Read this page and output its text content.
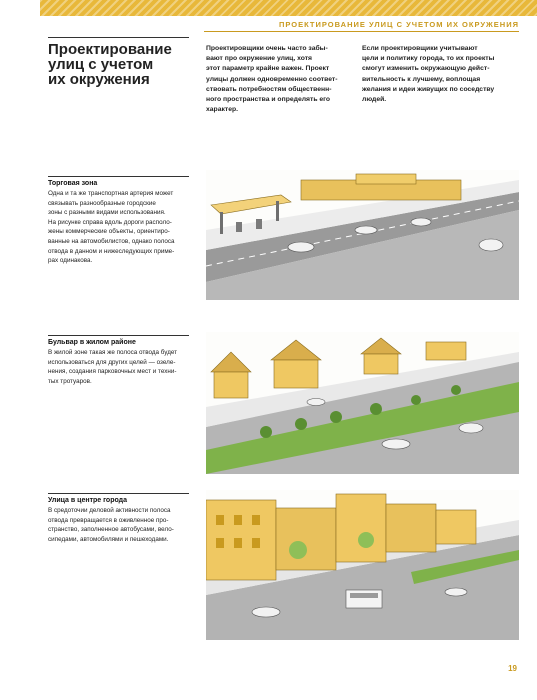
ПРОЕКТИРОВАНИЕ УЛИЦ С УЧЕТОМ ИХ ОКРУЖЕНИЯ
Проектирование
улиц с учетом
их окружения

Проектировщики очень часто забы-
вают про окружение улиц, хотя
этот параметр крайне важен. Проект
улицы должен одновременно соответ-
ствовать потребностям общественн-
ного пространства и определять его
характер.

Если проектировщики учитывают
цели и политику города, то их проекты
смогут изменить окружающую дейст-
вительность к лучшему, воплощая
желания и идеи живущих по соседству
людей.

Торговая зона

Одна и та же транспортная артерия может
связывать разнообразные городские
зоны с разными видами использования.
На рисунке справа вдоль дороги располо-
жены коммерческие объекты, ориентиро-
ванные на автомобилистов, однако полоса
отвода в данном и нижеследующих приме-
рах одинакова.

Бульвар в жилом районе

В жилой зоне такая же полоса отвода будет
использоваться для других целей — озеле-
нения, создания парковочных мест и техни-
тых тротуаров.

Улица в центре города

В средоточии деловой активности полоса
отвода превращается в оживленное про-
странство, заполненное автобусами, вело-
сипедами, автомобилями и пешеходами.

19
